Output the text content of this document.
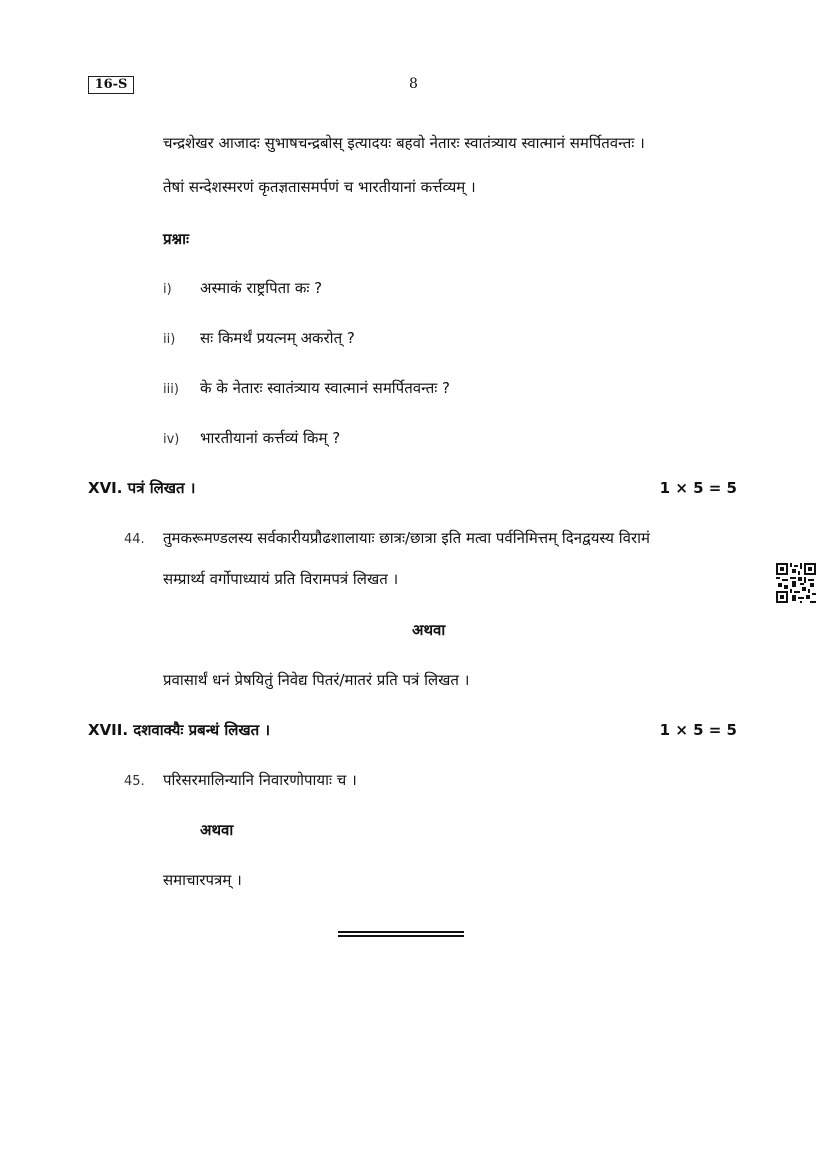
16-S	8
चन्द्रशेखर आजादः सुभाषचन्द्रबोस् इत्यादयः बहवो नेतारः स्वातंत्र्याय स्वात्मानं समर्पितवन्तः ।
तेषां सन्देशस्मरणं कृतज्ञतासमर्पणं च भारतीयानां कर्त्तव्यम् ।
प्रश्नाः
i) अस्माकं राष्ट्रपिता कः ?
ii) सः किमर्थं प्रयत्नम् अकरोत् ?
iii) के के नेतारः स्वातंत्र्याय स्वात्मानं समर्पितवन्तः ?
iv) भारतीयानां कर्त्तव्यं किम् ?
XVI. पत्रं लिखत ।	1 × 5 = 5
44. तुमकरूमण्डलस्य सर्वकारीयप्रौढशालायाः छात्रः/छात्रा इति मत्वा पर्वनिमित्तम् दिनद्वयस्य विरामं
सम्प्रार्थ्य वर्गोपाध्यायं प्रति विरामपत्रं लिखत ।
अथवा
प्रवासार्थं धनं प्रेषयितुं निवेद्य पितरं/मातरं प्रति पत्रं लिखत ।
XVII. दशवाक्यैः प्रबन्धं लिखत ।	1 × 5 = 5
45. परिसरमालिन्यानि निवारणोपायाः च ।
अथवा
समाचारपत्रम् ।
